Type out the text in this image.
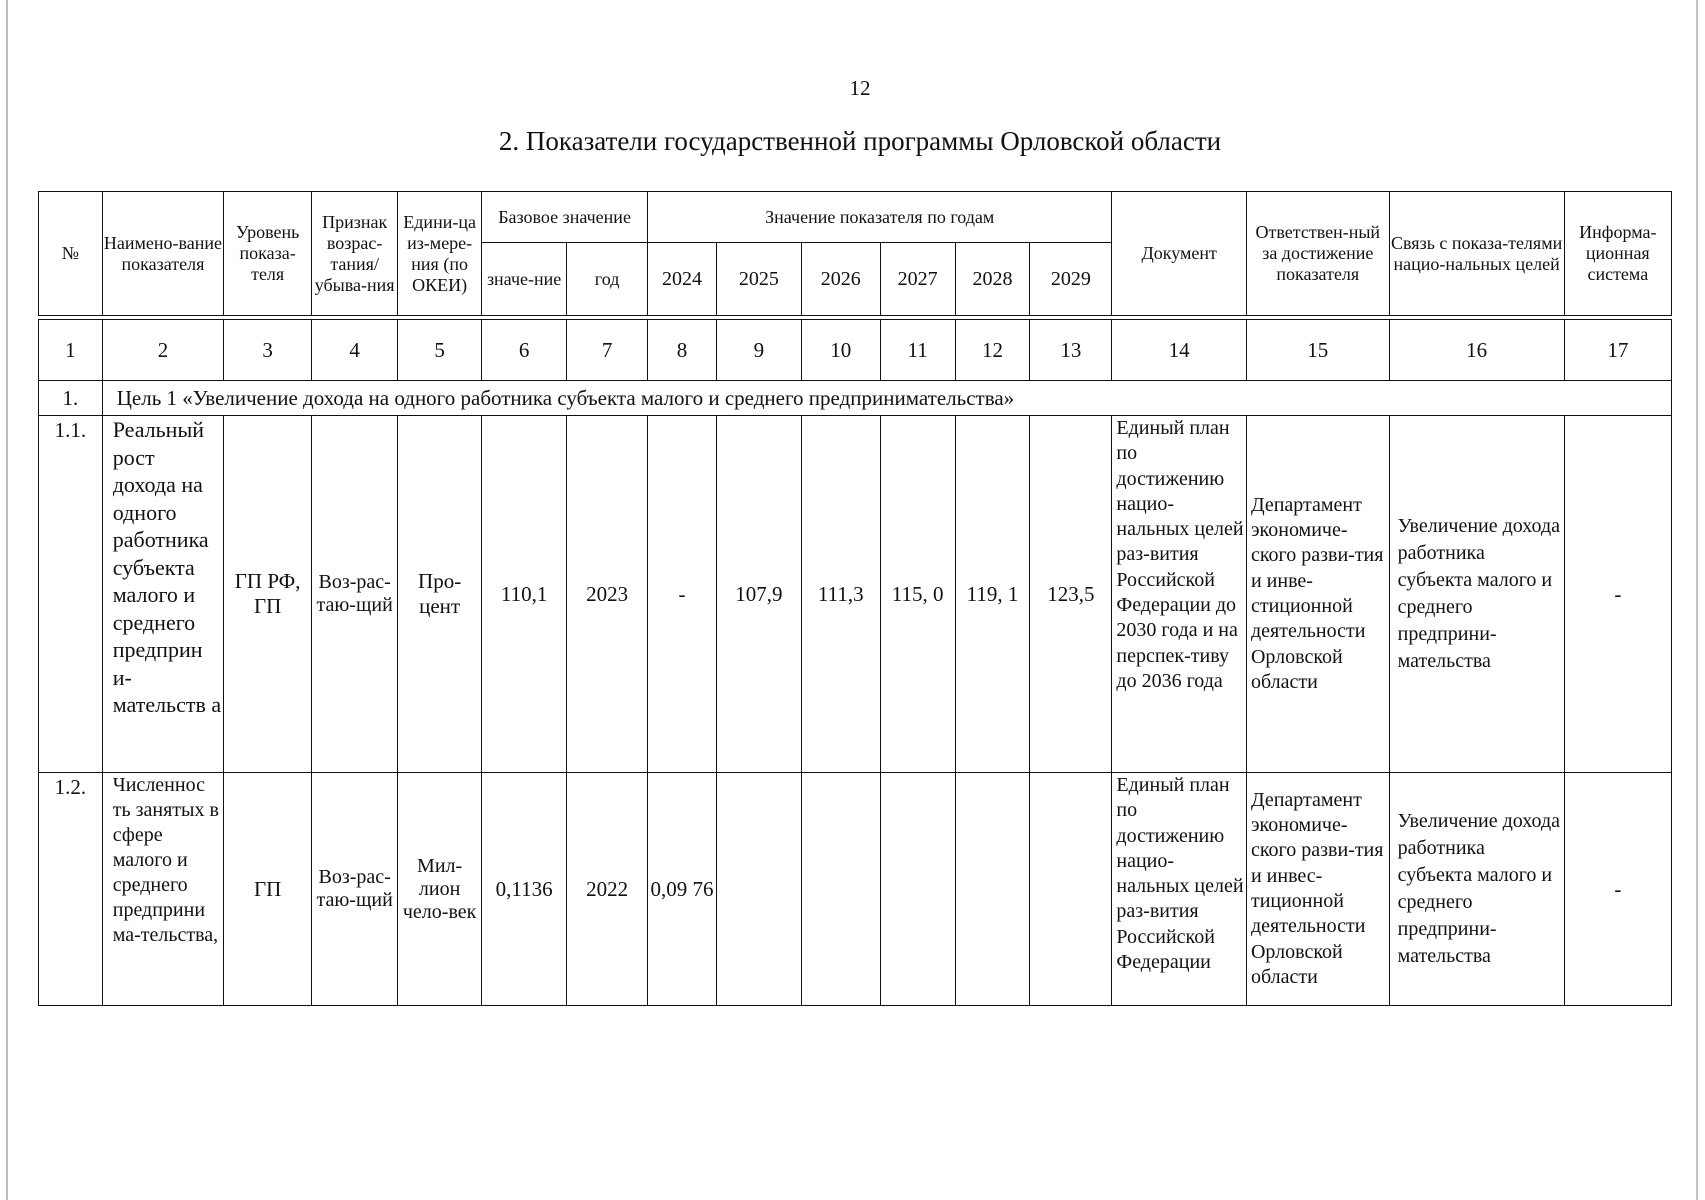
12
2. Показатели государственной программы Орловской области
№	Наимено-вание показателя	Уровень показа-теля	Признак возрас-тания/ убыва-ния	Едини-ца из-мере-ния (по ОКЕИ)	Базовое значение		Значение показателя по годам						Документ	Ответствен-ный за достижение показателя	Связь с показа-телями нацио-нальных целей	Информа-ционная система
					значе-ние	год	2024	2025	2026	2027	2028	2029				

1	2	3	4	5	6	7	8	9	10	11	12	13	14	15	16	17
1.	Цель 1 «Увеличение дохода на одного работника субъекта малого и среднего предпринимательства»															
1.1.	Реальный рост дохода на одного работника субъекта малого и среднего предприн и-мательств а	ГП РФ, ГП	Воз-рас-таю-щий	Про-цент	110,1	2023	-	107,9	111,3	115, 0	119, 1	123,5	Единый план по достижению нацио-нальных целей раз-вития Российской Федерации до 2030 года и на перспек-тиву до 2036 года	Департамент экономиче-ского разви-тия и инве-стиционной деятельности Орловской области	Увеличение дохода работника субъекта малого и среднего предприни-мательства	-
1.2.	Численнос ть занятых в сфере малого и среднего предприни ма-тельства,	ГП	Воз-рас-таю-щий	Мил-лион чело-век	0,1136	2022	0,09 76						Единый план по достижению нацио-нальных целей раз-вития Российской Федерации	Департамент экономиче-ского разви-тия и инвес-тиционной деятельности Орловской области	Увеличение дохода работника субъекта малого и среднего предприни-мательства	-
